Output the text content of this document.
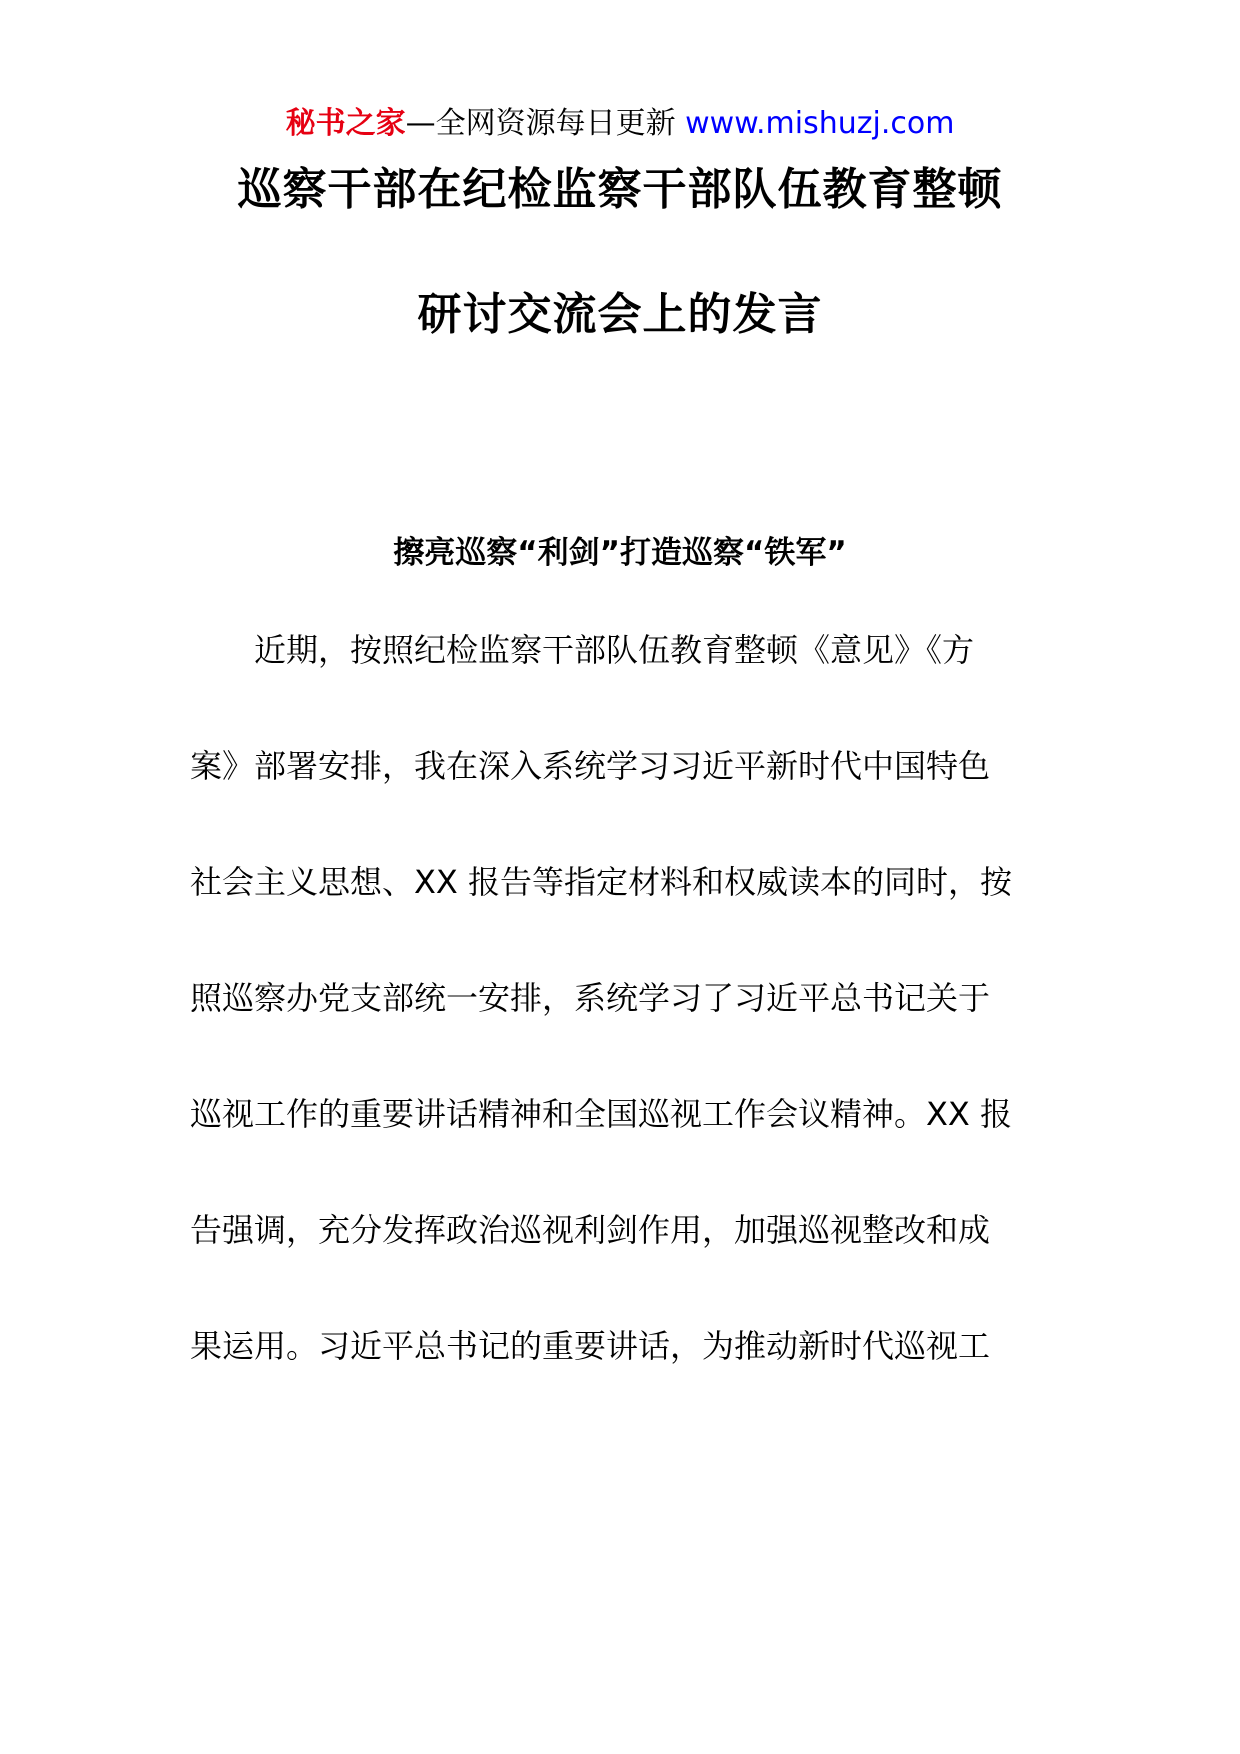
秘书之家—全网资源每日更新 www.mishuzj.com
巡察干部在纪检监察干部队伍教育整顿
研讨交流会上的发言
擦亮巡察“利剑”打造巡察“铁军”
　　近期，按照纪检监察干部队伍教育整顿《意见》《方
案》部署安排，我在深入系统学习习近平新时代中国特色
社会主义思想、XX 报告等指定材料和权威读本的同时，按
照巡察办党支部统一安排，系统学习了习近平总书记关于
巡视工作的重要讲话精神和全国巡视工作会议精神。XX 报
告强调，充分发挥政治巡视利剑作用，加强巡视整改和成
果运用。习近平总书记的重要讲话，为推动新时代巡视工
